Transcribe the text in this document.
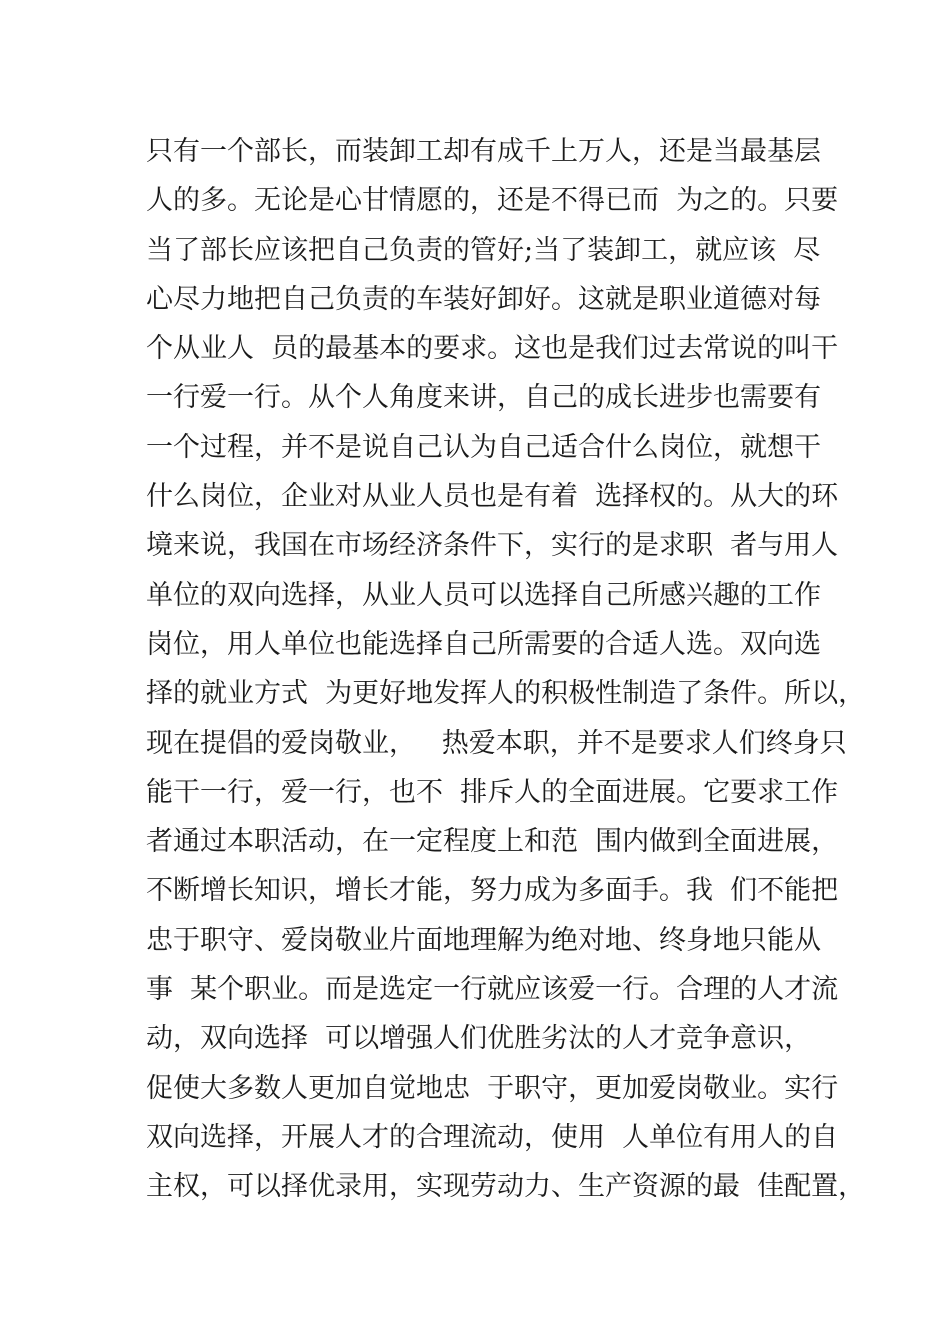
只有一个部长，而装卸工却有成千上万人，还是当最基层
人的多。无论是心甘情愿的，还是不得已而  为之的。只要
当了部长应该把自己负责的管好;当了装卸工，就应该  尽
心尽力地把自己负责的车装好卸好。这就是职业道德对每
个从业人  员的最基本的要求。这也是我们过去常说的叫干
一行爱一行。从个人角度来讲，自己的成长进步也需要有
一个过程，并不是说自己认为自己适合什么岗位，就想干
什么岗位，企业对从业人员也是有着  选择权的。从大的环
境来说，我国在市场经济条件下，实行的是求职  者与用人
单位的双向选择，从业人员可以选择自己所感兴趣的工作
岗位，用人单位也能选择自己所需要的合适人选。双向选
择的就业方式  为更好地发挥人的积极性制造了条件。所以，
现在提倡的爱岗敬业，   热爱本职，并不是要求人们终身只
能干一行，爱一行，也不  排斥人的全面进展。它要求工作
者通过本职活动，在一定程度上和范  围内做到全面进展，
不断增长知识，增长才能，努力成为多面手。我  们不能把
忠于职守、爱岗敬业片面地理解为绝对地、终身地只能从
事  某个职业。而是选定一行就应该爱一行。合理的人才流
动，双向选择  可以增强人们优胜劣汰的人才竞争意识，
促使大多数人更加自觉地忠  于职守，更加爱岗敬业。实行
双向选择，开展人才的合理流动，使用  人单位有用人的自
主权，可以择优录用，实现劳动力、生产资源的最  佳配置，
